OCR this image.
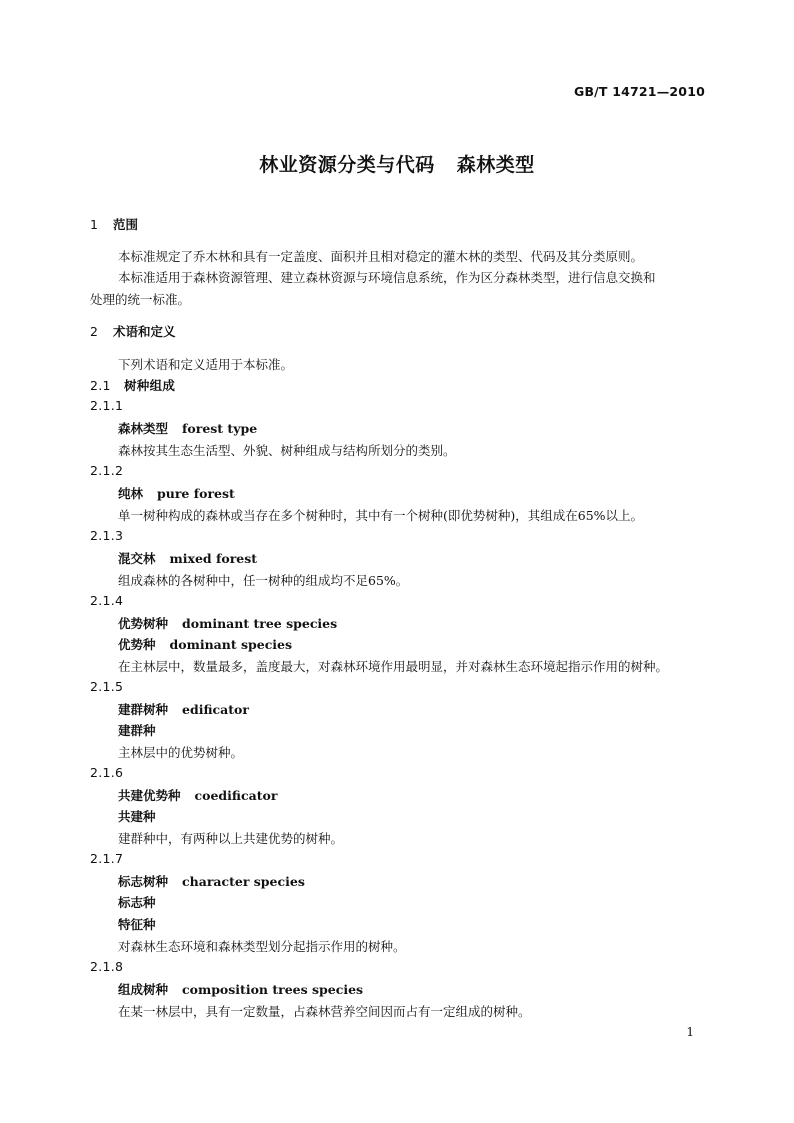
GB/T 14721—2010
林业资源分类与代码 森林类型
1 范围
本标准规定了乔木林和具有一定盖度、面积并且相对稳定的灌木林的类型、代码及其分类原则。
本标准适用于森林资源管理、建立森林资源与环境信息系统，作为区分森林类型，进行信息交换和
处理的统一标准。
2 术语和定义
下列术语和定义适用于本标准。
2.1 树种组成
2.1.1
森林类型 forest type
森林按其生态生活型、外貌、树种组成与结构所划分的类别。
2.1.2
纯林 pure forest
单一树种构成的森林或当存在多个树种时，其中有一个树种(即优势树种)，其组成在65%以上。
2.1.3
混交林 mixed forest
组成森林的各树种中，任一树种的组成均不足65%。
2.1.4
优势树种 dominant tree species
优势种 dominant species
在主林层中，数量最多，盖度最大，对森林环境作用最明显，并对森林生态环境起指示作用的树种。
2.1.5
建群树种 edificator
建群种
主林层中的优势树种。
2.1.6
共建优势种 coedificator
共建种
建群种中，有两种以上共建优势的树种。
2.1.7
标志树种 character species
标志种
特征种
对森林生态环境和森林类型划分起指示作用的树种。
2.1.8
组成树种 composition trees species
在某一林层中，具有一定数量，占森林营养空间因而占有一定组成的树种。
1
